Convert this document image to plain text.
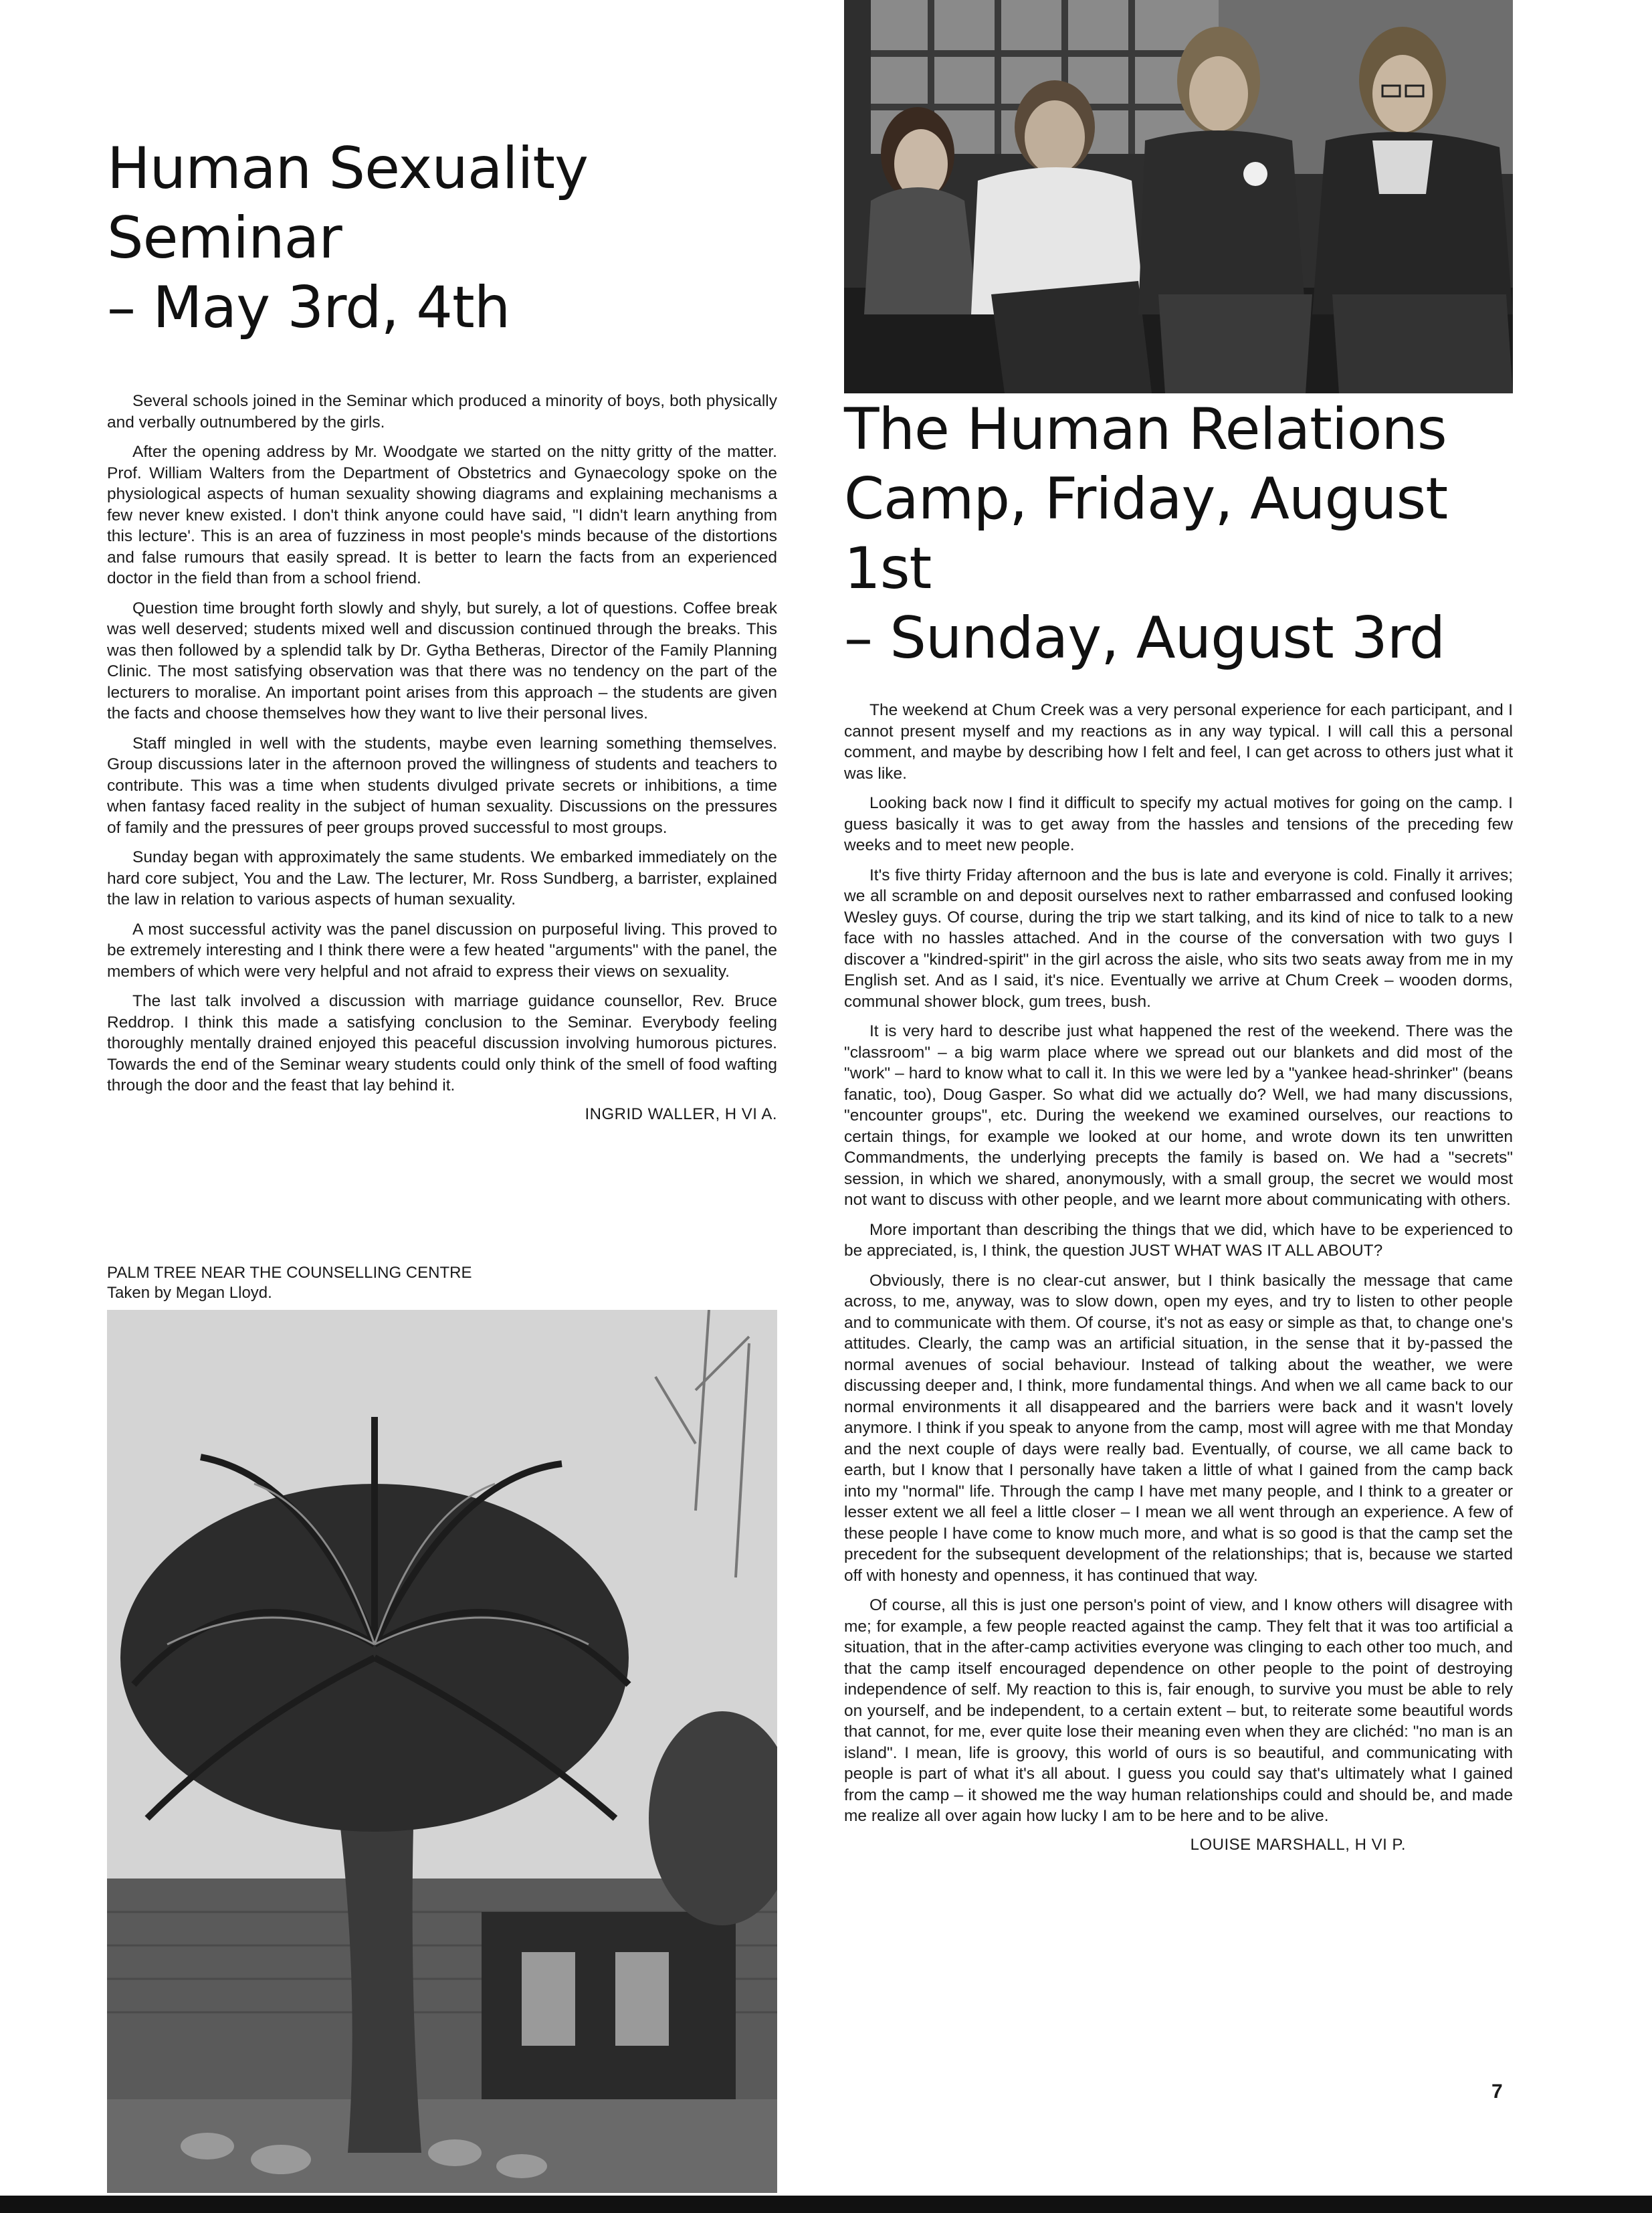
Human Sexuality Seminar
– May 3rd, 4th

Several schools joined in the Seminar which produced a minority of boys, both physically and verbally outnumbered by the girls.

After the opening address by Mr. Woodgate we started on the nitty gritty of the matter. Prof. William Walters from the Department of Obstetrics and Gynaecology spoke on the physiological aspects of human sexuality showing diagrams and explaining mechanisms a few never knew existed. I don't think anyone could have said, "I didn't learn anything from this lecture'. This is an area of fuzziness in most people's minds because of the distortions and false rumours that easily spread. It is better to learn the facts from an experienced doctor in the field than from a school friend.

Question time brought forth slowly and shyly, but surely, a lot of questions. Coffee break was well deserved; students mixed well and discussion continued through the breaks. This was then followed by a splendid talk by Dr. Gytha Betheras, Director of the Family Planning Clinic. The most satisfying observation was that there was no tendency on the part of the lecturers to moralise. An important point arises from this approach – the students are given the facts and choose themselves how they want to live their personal lives.

Staff mingled in well with the students, maybe even learning something themselves. Group discussions later in the afternoon proved the willingness of students and teachers to contribute. This was a time when students divulged private secrets or inhibitions, a time when fantasy faced reality in the subject of human sexuality. Discussions on the pressures of family and the pressures of peer groups proved successful to most groups.

Sunday began with approximately the same students. We embarked immediately on the hard core subject, You and the Law. The lecturer, Mr. Ross Sundberg, a barrister, explained the law in relation to various aspects of human sexuality.

A most successful activity was the panel discussion on purposeful living. This proved to be extremely interesting and I think there were a few heated "arguments" with the panel, the members of which were very helpful and not afraid to express their views on sexuality.

The last talk involved a discussion with marriage guidance counsellor, Rev. Bruce Reddrop. I think this made a satisfying conclusion to the Seminar. Everybody feeling thoroughly mentally drained enjoyed this peaceful discussion involving humorous pictures. Towards the end of the Seminar weary students could only think of the smell of food wafting through the door and the feast that lay behind it.

INGRID WALLER, H VI A.
PALM TREE NEAR THE COUNSELLING CENTRE
Taken by Megan Lloyd.
The Human Relations
Camp, Friday, August 1st
– Sunday, August 3rd

The weekend at Chum Creek was a very personal experience for each participant, and I cannot present myself and my reactions as in any way typical. I will call this a personal comment, and maybe by describing how I felt and feel, I can get across to others just what it was like.

Looking back now I find it difficult to specify my actual motives for going on the camp. I guess basically it was to get away from the hassles and tensions of the preceding few weeks and to meet new people.

It's five thirty Friday afternoon and the bus is late and everyone is cold. Finally it arrives; we all scramble on and deposit ourselves next to rather embarrassed and confused looking Wesley guys. Of course, during the trip we start talking, and its kind of nice to talk to a new face with no hassles attached. And in the course of the conversation with two guys I discover a "kindred-spirit" in the girl across the aisle, who sits two seats away from me in my English set. And as I said, it's nice. Eventually we arrive at Chum Creek – wooden dorms, communal shower block, gum trees, bush.

It is very hard to describe just what happened the rest of the weekend. There was the "classroom" – a big warm place where we spread out our blankets and did most of the "work" – hard to know what to call it. In this we were led by a "yankee head-shrinker" (beans fanatic, too), Doug Gasper. So what did we actually do? Well, we had many discussions, "encounter groups", etc. During the weekend we examined ourselves, our reactions to certain things, for example we looked at our home, and wrote down its ten unwritten Commandments, the underlying precepts the family is based on. We had a "secrets" session, in which we shared, anonymously, with a small group, the secret we would most not want to discuss with other people, and we learnt more about communicating with others.

More important than describing the things that we did, which have to be experienced to be appreciated, is, I think, the question JUST WHAT WAS IT ALL ABOUT?

Obviously, there is no clear-cut answer, but I think basically the message that came across, to me, anyway, was to slow down, open my eyes, and try to listen to other people and to communicate with them. Of course, it's not as easy or simple as that, to change one's attitudes. Clearly, the camp was an artificial situation, in the sense that it by-passed the normal avenues of social behaviour. Instead of talking about the weather, we were discussing deeper and, I think, more fundamental things. And when we all came back to our normal environments it all disappeared and the barriers were back and it wasn't lovely anymore. I think if you speak to anyone from the camp, most will agree with me that Monday and the next couple of days were really bad. Eventually, of course, we all came back to earth, but I know that I personally have taken a little of what I gained from the camp back into my "normal" life. Through the camp I have met many people, and I think to a greater or lesser extent we all feel a little closer – I mean we all went through an experience. A few of these people I have come to know much more, and what is so good is that the camp set the precedent for the subsequent development of the relationships; that is, because we started off with honesty and openness, it has continued that way.

Of course, all this is just one person's point of view, and I know others will disagree with me; for example, a few people reacted against the camp. They felt that it was too artificial a situation, that in the after-camp activities everyone was clinging to each other too much, and that the camp itself encouraged dependence on other people to the point of destroying independence of self. My reaction to this is, fair enough, to survive you must be able to rely on yourself, and be independent, to a certain extent – but, to reiterate some beautiful words that cannot, for me, ever quite lose their meaning even when they are clichéd: "no man is an island". I mean, life is groovy, this world of ours is so beautiful, and communicating with people is part of what it's all about. I guess you could say that's ultimately what I gained from the camp – it showed me the way human relationships could and should be, and made me realize all over again how lucky I am to be here and to be alive.

LOUISE MARSHALL, H VI P.
7
